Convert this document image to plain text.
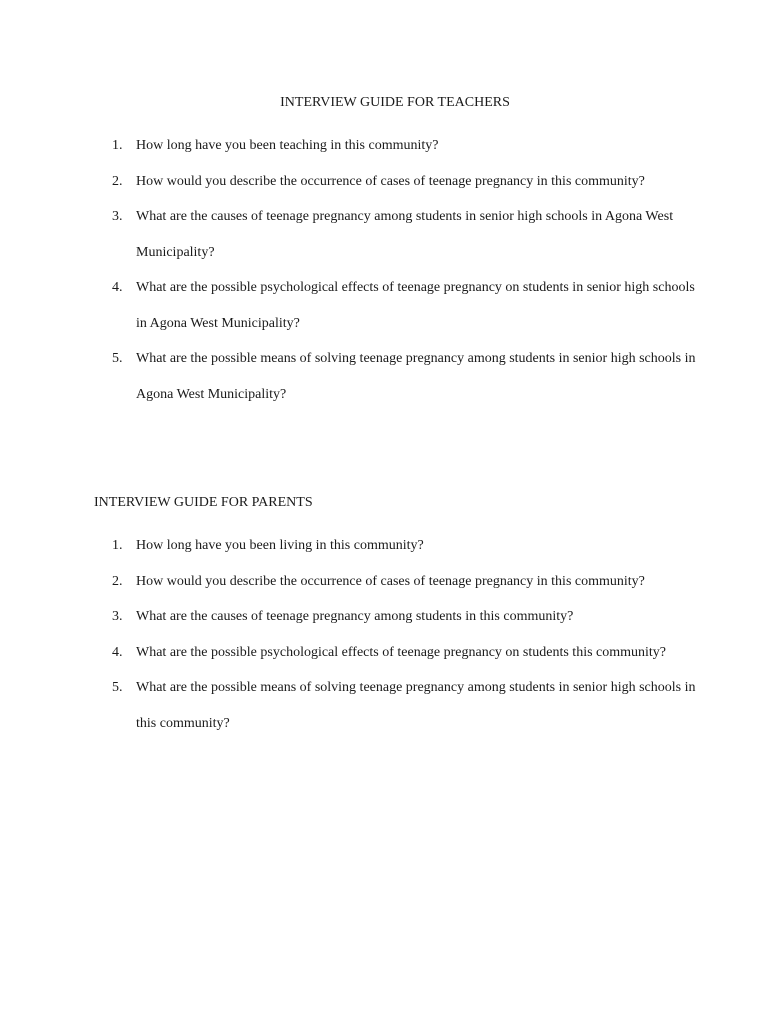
INTERVIEW GUIDE FOR TEACHERS
1. How long have you been teaching in this community?
2. How would you describe the occurrence of cases of teenage pregnancy in this community?
3. What are the causes of teenage pregnancy among students in senior high schools in Agona West Municipality?
4. What are the possible psychological effects of teenage pregnancy on students in senior high schools in Agona West Municipality?
5. What are the possible means of solving teenage pregnancy among students in senior high schools in Agona West Municipality?
INTERVIEW GUIDE FOR PARENTS
1. How long have you been living in this community?
2. How would you describe the occurrence of cases of teenage pregnancy in this community?
3. What are the causes of teenage pregnancy among students in this community?
4. What are the possible psychological effects of teenage pregnancy on students this community?
5. What are the possible means of solving teenage pregnancy among students in senior high schools in this community?
